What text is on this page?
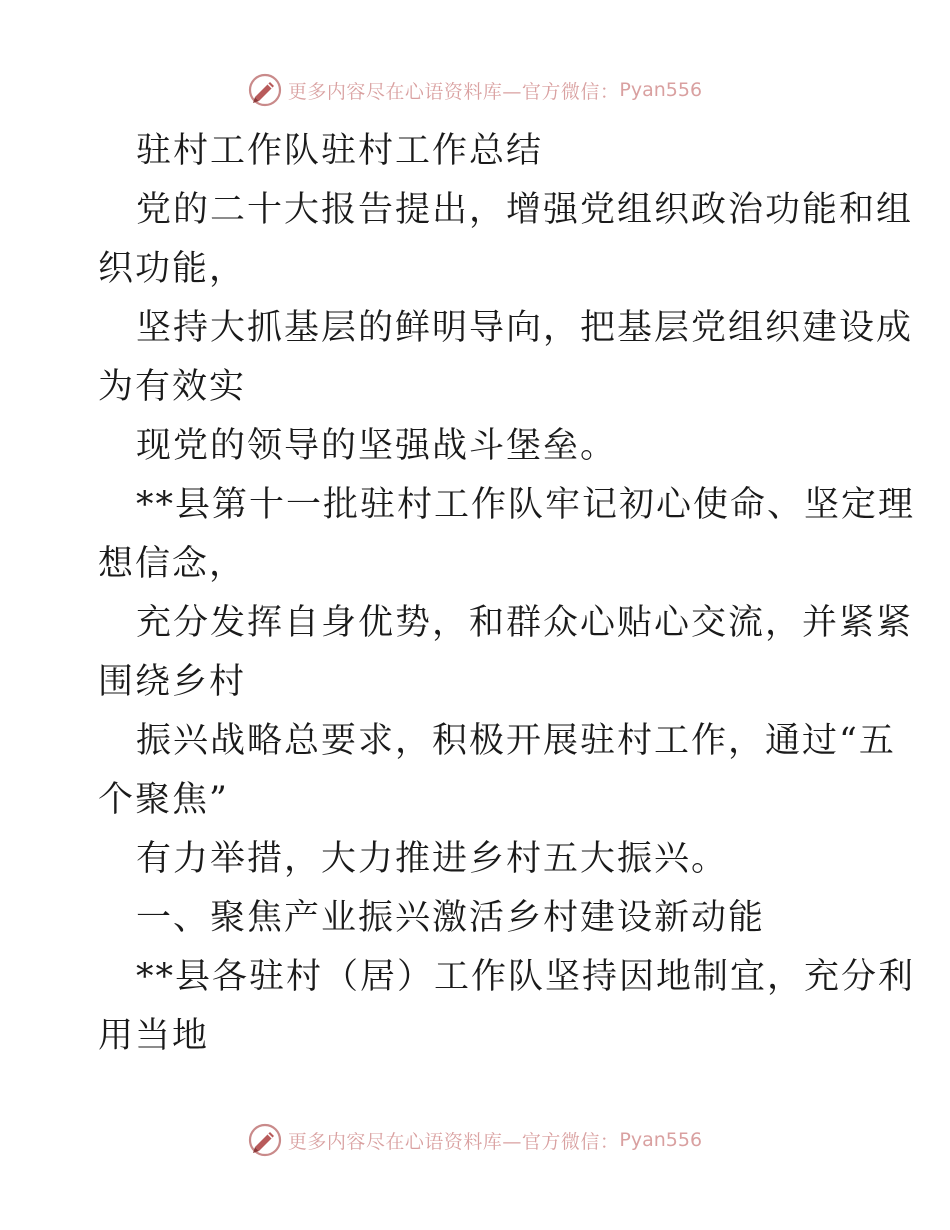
更多内容尽在心语资料库—官方微信： Pyan556

驻村工作队驻村工作总结

党的二十大报告提出，增强党组织政治功能和组
织功能，

坚持大抓基层的鲜明导向，把基层党组织建设成
为有效实

现党的领导的坚强战斗堡垒。

**县第十一批驻村工作队牢记初心使命、坚定理
想信念，

充分发挥自身优势，和群众心贴心交流，并紧紧
围绕乡村

振兴战略总要求，积极开展驻村工作，通过“五
个聚焦”

有力举措，大力推进乡村五大振兴。

一、聚焦产业振兴激活乡村建设新动能

**县各驻村（居）工作队坚持因地制宜，充分利
用当地

更多内容尽在心语资料库—官方微信： Pyan556
